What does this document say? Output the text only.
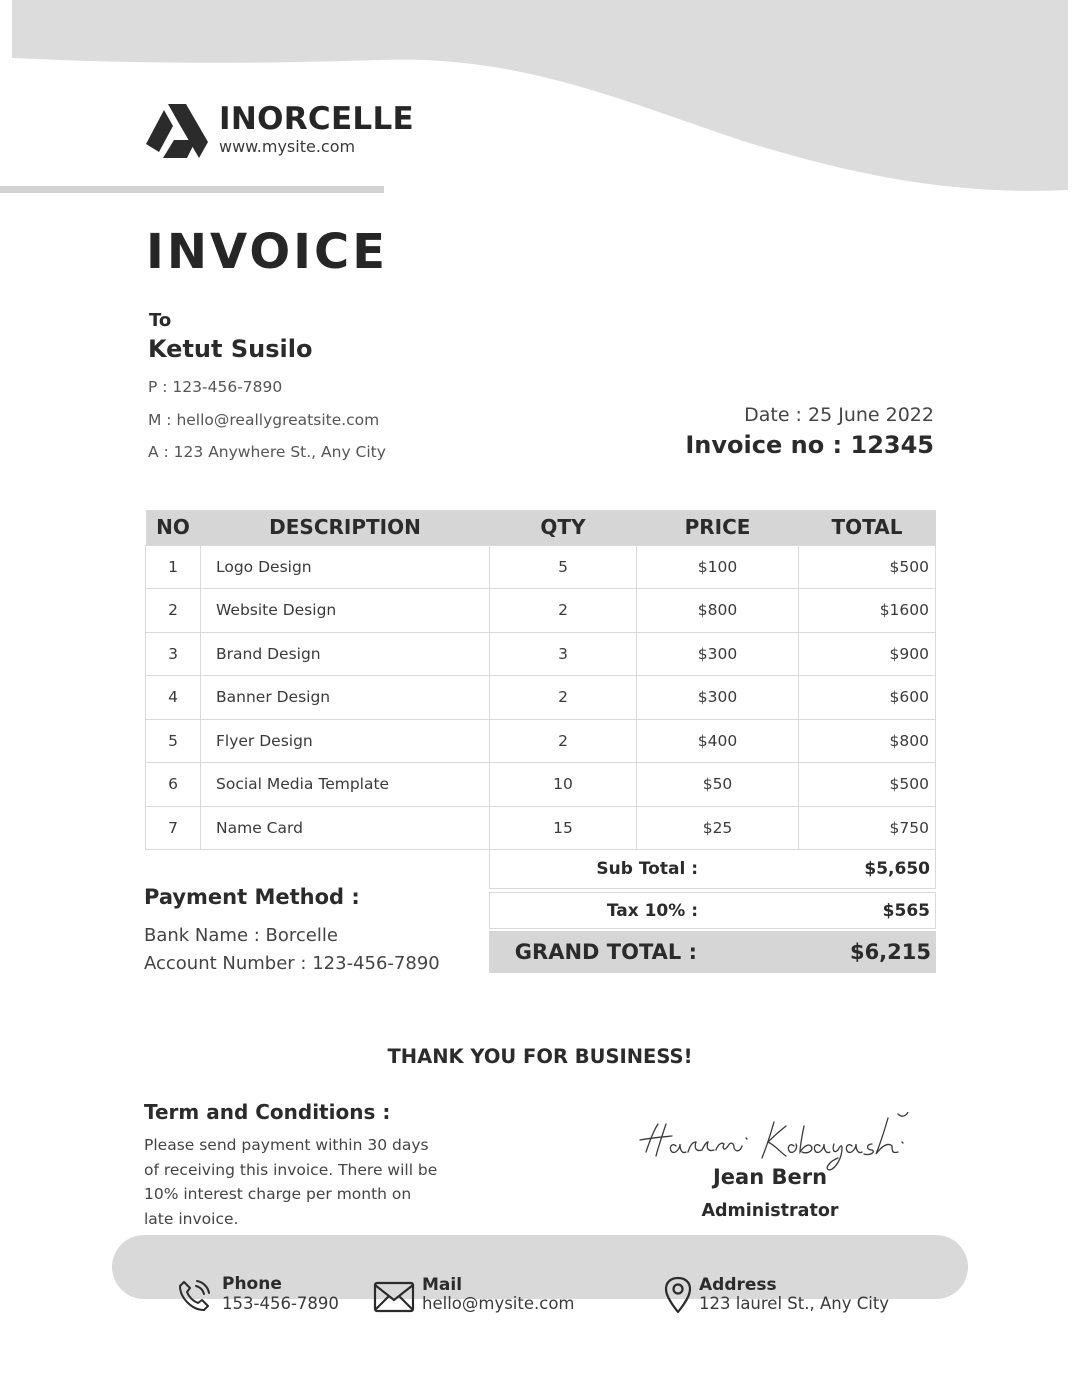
INORCELLE
www.mysite.com
INVOICE
To
Ketut Susilo
P : 123-456-7890
M : hello@reallygreatsite.com
A : 123 Anywhere St., Any City
Date : 25 June 2022
Invoice no : 12345
NO	DESCRIPTION	QTY	PRICE	TOTAL
1	Logo Design	5	$100	$500
2	Website Design	2	$800	$1600
3	Brand Design	3	$300	$900
4	Banner Design	2	$300	$600
5	Flyer Design	2	$400	$800
6	Social Media Template	10	$50	$500
7	Name Card	15	$25	$750
Sub Total :	$5,650
Tax 10% :	$565
GRAND TOTAL :	$6,215
Payment Method :
Bank Name : Borcelle
Account Number : 123-456-7890
THANK YOU FOR BUSINESS!
Term and Conditions :
Please send payment within 30 days of receiving this invoice. There will be 10% interest charge per month on late invoice.
Jean Bern
Administrator
Phone
153-456-7890
Mail
hello@mysite.com
Address
123 laurel St., Any City
